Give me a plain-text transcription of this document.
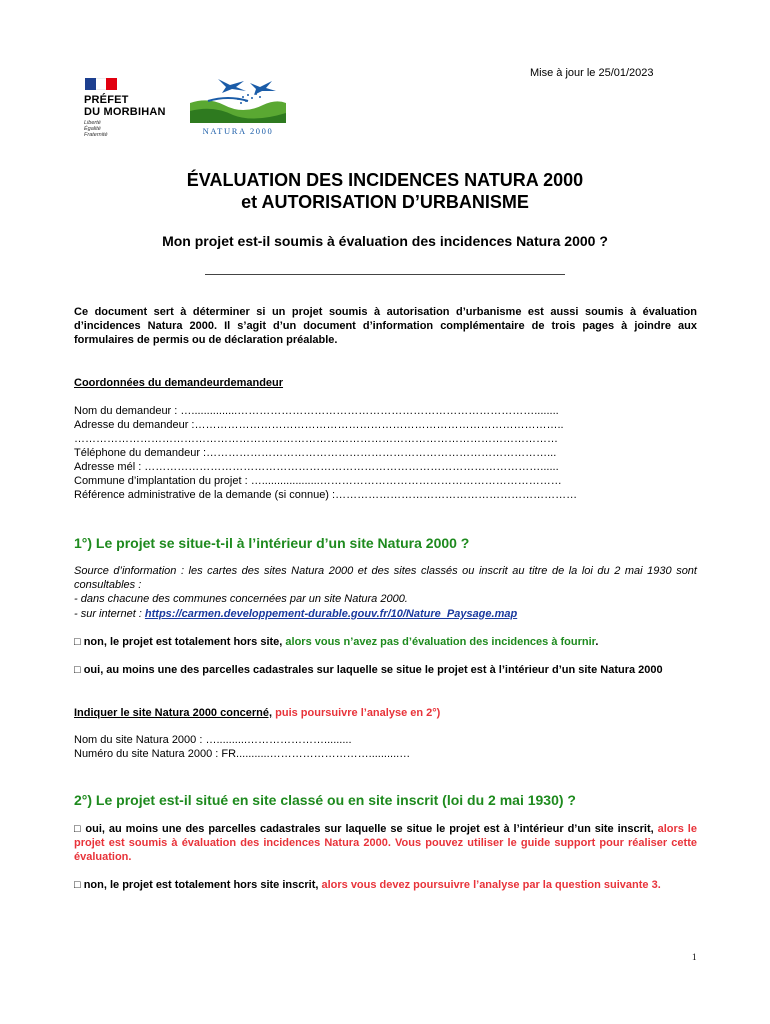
Mise à jour le 25/01/2023
PRÉFET
DU MORBIHAN
Liberté
Égalité
Fraternité	NATURA 2000
ÉVALUATION DES INCIDENCES NATURA 2000
et AUTORISATION D’URBANISME
Mon projet est-il soumis à évaluation des incidences Natura 2000 ?
Ce document sert à déterminer si un projet soumis à autorisation d’urbanisme est aussi soumis à évaluation d’incidences Natura 2000. Il s’agit d’un document d’information complémentaire de trois pages à joindre aux formulaires de permis ou de déclaration préalable.
Coordonnées du demandeurdemandeur
Nom du demandeur : …...............………………………………………………………………………........
Adresse du demandeur :………………………………………………………………………………………..
……………………………………………………………………………………………………………………
Téléphone du demandeur :…………………………………………………………………………………...
Adresse mél : ………………………………………………………………………………………………......
Commune d’implantation du projet : …...................…………………………………………………………
Référence administrative de la demande (si connue) :…………………………………………………………
1°) Le projet se situe-t-il à l’intérieur d’un site Natura 2000 ?
Source d’information : les cartes des sites Natura 2000 et des sites classés ou inscrit au titre de la loi du 2 mai 1930 sont consultables :
- dans chacune des communes concernées par un site Natura 2000.
- sur internet : https://carmen.developpement-durable.gouv.fr/10/Nature_Paysage.map
□ non, le projet est totalement hors site, alors vous n’avez pas d’évaluation des incidences à fournir.
□ oui, au moins une des parcelles cadastrales sur laquelle se situe le projet est à l’intérieur d’un site Natura 2000
Indiquer le site Natura 2000 concerné, puis poursuivre l’analyse en 2°)
Nom du site Natura 2000 : …..........………………….........
Numéro du site Natura 2000 : FR...........………………………..........…
2°) Le projet est-il situé en site classé ou en site inscrit (loi du 2 mai 1930) ?
□ oui, au moins une des parcelles cadastrales sur laquelle se situe le projet est à l’intérieur d’un site inscrit, alors le projet est soumis à évaluation des incidences Natura 2000. Vous pouvez utiliser le guide support pour réaliser cette évaluation.
□ non, le projet est totalement hors site inscrit, alors vous devez poursuivre l’analyse par la question suivante 3.
1
